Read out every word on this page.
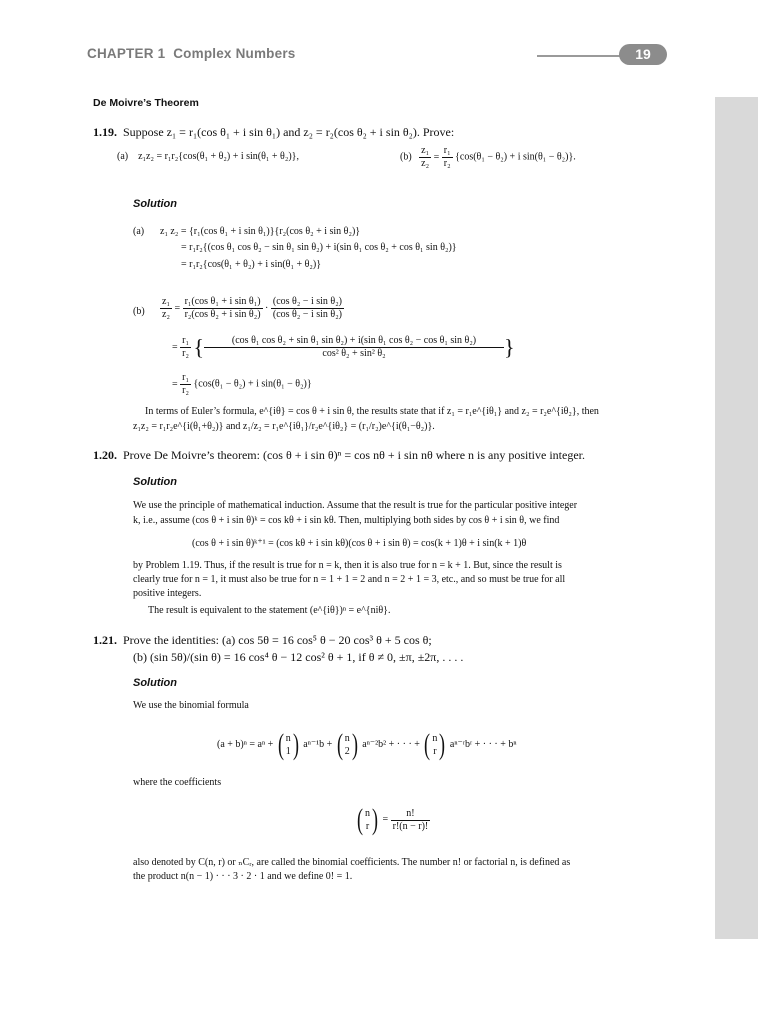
CHAPTER 1 Complex Numbers	19
De Moivre’s Theorem
1.19. Suppose z₁ = r₁(cos θ₁ + i sin θ₁) and z₂ = r₂(cos θ₂ + i sin θ₂). Prove:
(a) z₁z₂ = r₁r₂{cos(θ₁ + θ₂) + i sin(θ₁ + θ₂)},	$(b) \frac{\text{z₁}}{\text{z₂}} = \frac{\text{r₁}}{\text{r₂}} \{\cos(\theta_1 - \theta_2) + i$ sin(θ₁ − θ₂)}.
Solution
(a) z₁ z₂ = {r₁(cos θ₁ + i sin θ₁)}{r₂(cos θ₂ + i sin θ₂)}
= r₁r₂{(cos θ₁ cos θ₂ − sin θ₁ sin θ₂) + i(sin θ₁ cos θ₂ + cos θ₁ sin θ₂)}
= r₁r₂{cos(θ₁ + θ₂) + i sin(θ₁ + θ₂)}
$(b) \frac{\text{z₁}}{\text{z₂}} = \frac{\text{r₁(cos θ₁ + i sin θ₁)}}{\text{r₂(cos θ₂ + i sin θ₂)}} \cdot \frac{\text{(cos θ₂ − i sin θ₂)}}{\text{(cos θ₂ − i sin θ₂)}}$
= $\frac{\text{r₁}}{\text{r₂}}$ {	(cos θ₁ cos θ₂ + sin θ₁ sin θ₂) + i(sin θ₁ cos θ₂ − cos θ₁ sin θ₂)
cos² θ₂ + sin² θ₂	}
= $\frac{\text{r₁}}{\text{r₂}} \{\cos(\theta_1 - \theta_2) + i$ sin(θ₁ − θ₂)}
In terms of Euler’s formula, e^{iθ} = cos θ + i sin θ, the results state that if z₁ = r₁e^{iθ₁} and z₂ = r₂e^{iθ₂}, then
z₁z₂ = r₁r₂e^{i(θ₁+θ₂)} and z₁/z₂ = r₁e^{iθ₁}/r₂e^{iθ₂} = (r₁/r₂)e^{i(θ₁−θ₂)}.
1.20. Prove De Moivre’s theorem: (cos θ + i sin θ)ⁿ = cos nθ + i sin nθ where n is any positive integer.
Solution
We use the principle of mathematical induction. Assume that the result is true for the particular positive integer
k, i.e., assume (cos θ + i sin θ)ᵏ = cos kθ + i sin kθ. Then, multiplying both sides by cos θ + i sin θ, we find
(cos θ + i sin θ)ᵏ⁺¹ = (cos kθ + i sin kθ)(cos θ + i sin θ) = cos(k + 1)θ + i sin(k + 1)θ
by Problem 1.19. Thus, if the result is true for n = k, then it is also true for n = k + 1. But, since the result is
clearly true for n = 1, it must also be true for n = 1 + 1 = 2 and n = 2 + 1 = 3, etc., and so must be true for all
positive integers.
The result is equivalent to the statement (e^{iθ})ⁿ = e^{niθ}.
1.21. Prove the identities: (a) cos 5θ = 16 cos⁵ θ − 20 cos³ θ + 5 cos θ;
(b) (sin 5θ)/(sin θ) = 16 cos⁴ θ − 12 cos² θ + 1, if θ ≠ 0, ±π, ±2π, . . . .
Solution
We use the binomial formula
(a + b)ⁿ = aⁿ + ( n
1) aⁿ⁻¹b + ( n
2) aⁿ⁻²b² + · · · + ( n
r) aⁿ⁻ʳbʳ + · · · + bⁿ
where the coefficients
( n
$r) = \frac{n!}{r!(n - r)!}$
also denoted by C(n, r) or ₙCᵣ, are called the binomial coefficients. The number n! or factorial n, is defined as
the product n(n − 1) · · · 3 · 2 · 1 and we define 0! = 1.
